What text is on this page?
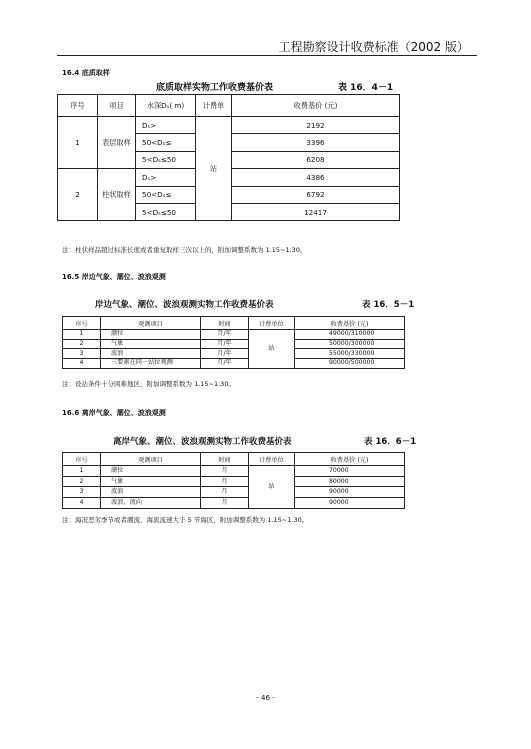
工程勘察设计收费标准（2002 版）
16.4 底质取样
底质取样实物工作收费基价表	表 16．4－1
序号	项目	水深Dₛ( m)	计费单	收费基价 (元)
1	表层取样	Dₛ>	站	2192
		50<Dₛ≤		3396
		5<Dₛ≤50		6208
2	柱状取样	Dₛ>		4386
		50<Dₛ≤		6792
		5<Dₛ≤50		12417
注：柱状样品超过标准长度或者重复取样三次以上的，附加调整系数为 1.15~1.30。
16.5 岸边气象、潮位、波浪观测
岸边气象、潮位、波浪观测实物工作收费基价表	表 16．5－1
序号	观测项目	时间	计费单位	收费基价 (元)
1	潮位	月/年	站	49000/310000
2	气象	月/年		50000/300000
3	波浪	月/年		55000/330000
4	三要素在同一站位观测	月/年		90000/500000
注：设站条件十分困难地区，附加调整系数为 1.15~1.30。
16.6 离岸气象、潮位、波浪观测
离岸气象、潮位、波浪观测实物工作收费基价表	表 16．6－1
序号	观测项目	时间	计费单位	收费基价 (元)
1	潮位	月	站	70000
2	气象	月		80000
3	波浪	月		90000
4	波浪、流向	月		90000
注：海况恶劣季节或者潮流、海流流速大于 5 节海区，附加调整系数为 1.15~1.30。
- 46 -
